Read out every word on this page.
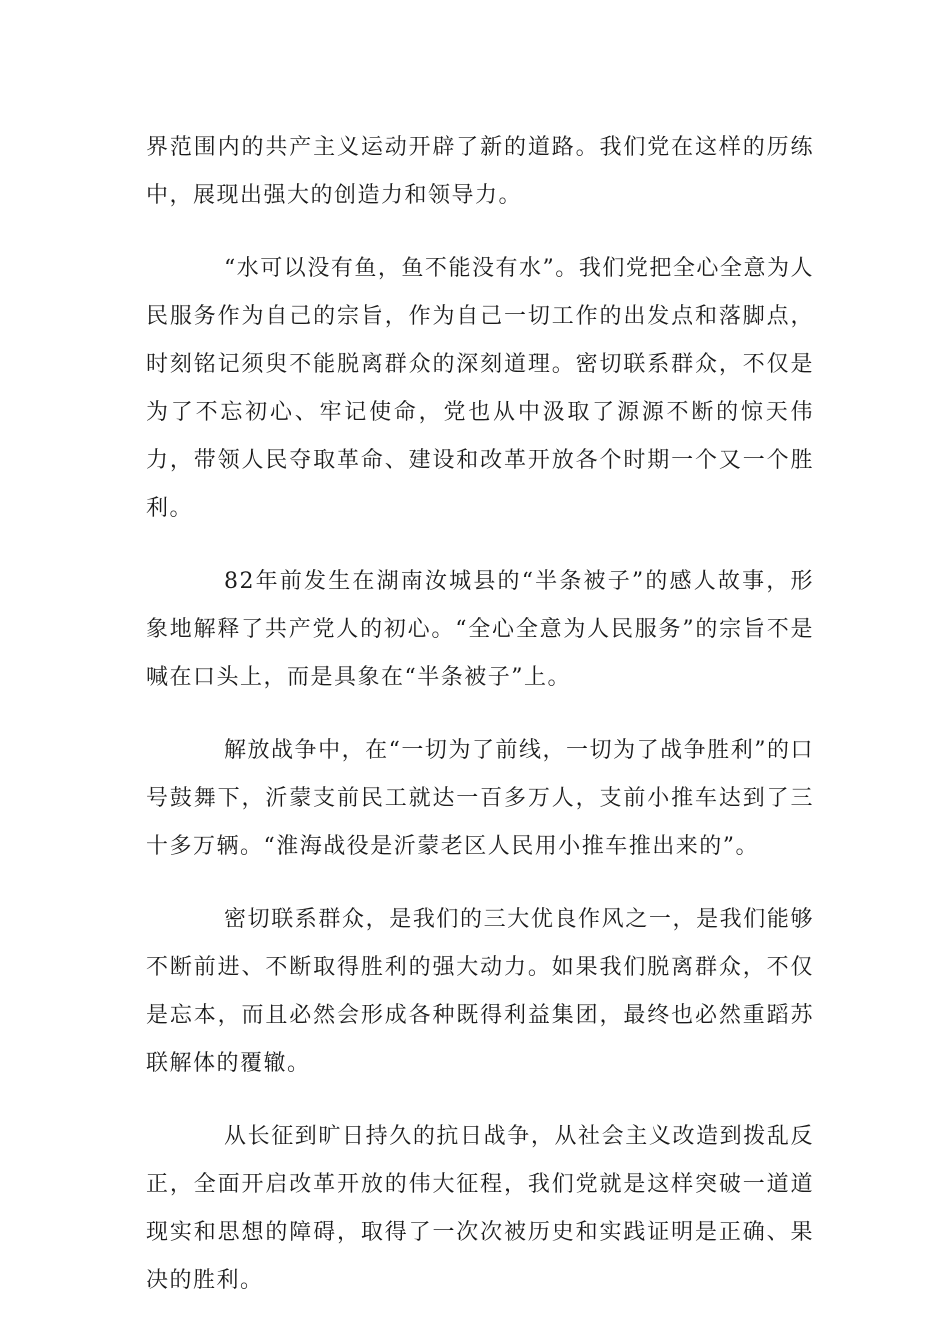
界范围内的共产主义运动开辟了新的道路。我们党在这样的历练中，展现出强大的创造力和领导力。

“水可以没有鱼，鱼不能没有水”。我们党把全心全意为人民服务作为自己的宗旨，作为自己一切工作的出发点和落脚点，时刻铭记须臾不能脱离群众的深刻道理。密切联系群众，不仅是为了不忘初心、牢记使命，党也从中汲取了源源不断的惊天伟力，带领人民夺取革命、建设和改革开放各个时期一个又一个胜利。

82年前发生在湖南汝城县的“半条被子”的感人故事，形象地解释了共产党人的初心。“全心全意为人民服务”的宗旨不是喊在口头上，而是具象在“半条被子”上。

解放战争中，在“一切为了前线，一切为了战争胜利”的口号鼓舞下，沂蒙支前民工就达一百多万人，支前小推车达到了三十多万辆。“淮海战役是沂蒙老区人民用小推车推出来的”。

密切联系群众，是我们的三大优良作风之一，是我们能够不断前进、不断取得胜利的强大动力。如果我们脱离群众，不仅是忘本，而且必然会形成各种既得利益集团，最终也必然重蹈苏联解体的覆辙。

从长征到旷日持久的抗日战争，从社会主义改造到拨乱反正，全面开启改革开放的伟大征程，我们党就是这样突破一道道现实和思想的障碍，取得了一次次被历史和实践证明是正确、果决的胜利。
